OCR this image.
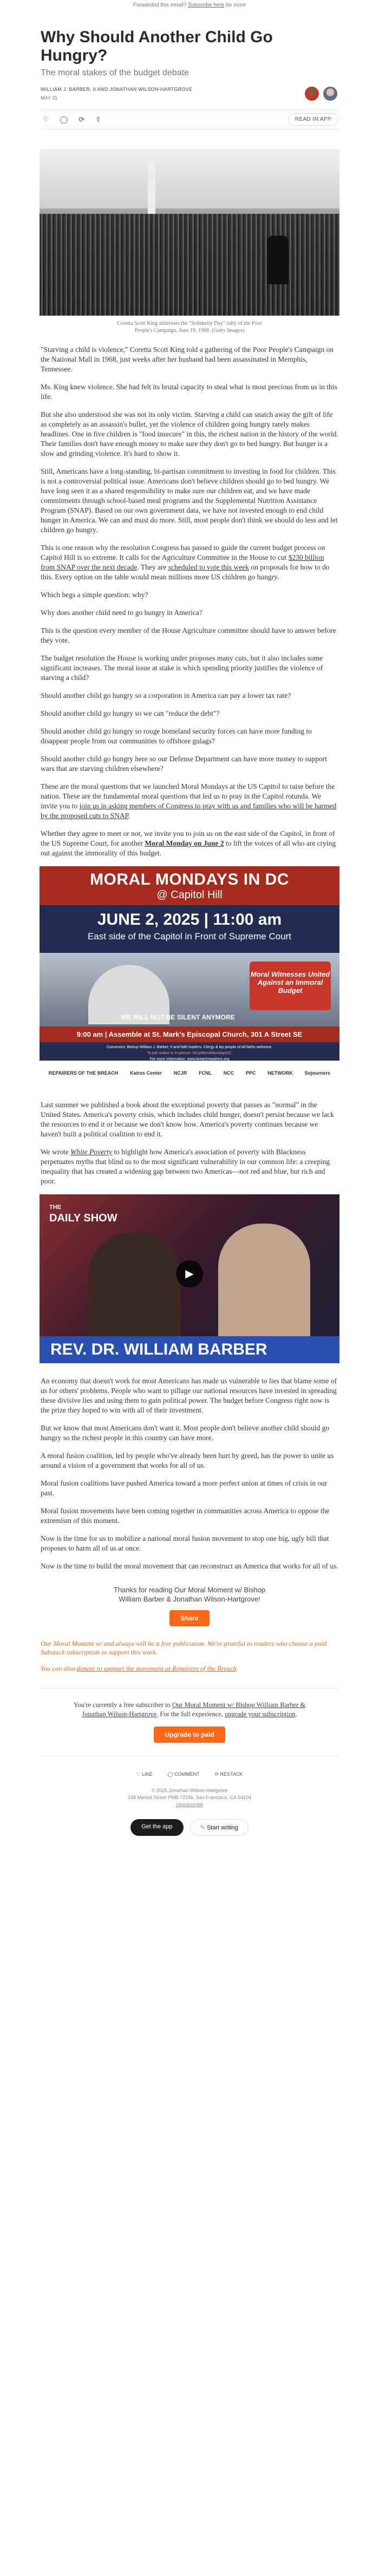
Forwarded this email? Subscribe here for more
Why Should Another Child Go Hungry?
The moral stakes of the budget debate
WILLIAM J. BARBER, II AND JONATHAN WILSON-HARTGROVE
MAY 31
♡ ◯ ⟳ ⇧	READ IN APP
Coretta Scott King addresses the "Solidarity Day" rally of the Poor People's Campaign, June 19, 1968. (Getty Images)

"Starving a child is violence," Coretta Scott King told a gathering of the Poor People's Campaign on the National Mall in 1968, just weeks after her husband had been assassinated in Memphis, Tennessee.

Ms. King knew violence. She had felt its brutal capacity to steal what is most precious from us in this life.

But she also understood she was not its only victim. Starving a child can snatch away the gift of life as completely as an assassin's bullet, yet the violence of children going hungry rarely makes headlines. One in five children is "food insecure" in this, the richest nation in the history of the world. Their families don't have enough money to make sure they don't go to bed hungry. But hunger is a slow and grinding violence. It's hard to show it.

Still, Americans have a long-standing, bi-partisan commitment to investing in food for children. This is not a controversial political issue. Americans don't believe children should go to bed hungry. We have long seen it as a shared responsibility to make sure our children eat, and we have made commitments through school-based meal programs and the Supplemental Nutrition Assistance Program (SNAP). Based on our own government data, we have not invested enough to end child hunger in America. We can and must do more. Still, most people don't think we should do less and let children go hungry.

This is one reason why the resolution Congress has passed to guide the current budget process on Capitol Hill is so extreme. It calls for the Agriculture Committee in the House to cut $230 billion from SNAP over the next decade. They are scheduled to vote this week on proposals for how to do this. Every option on the table would mean millions more US children go hungry.

Which begs a simple question: why?

Why does another child need to go hungry in America?

This is the question every member of the House Agriculture committee should have to answer before they vote.

The budget resolution the House is working under proposes many cuts, but it also includes some significant increases. The moral issue at stake is which spending priority justifies the violence of starving a child?

Should another child go hungry so a corporation in America can pay a lower tax rate?

Should another child go hungry so we can "reduce the debt"?

Should another child go hungry so rouge homeland security forces can have more funding to disappear people from our communities to offshore gulags?

Should another child go hungry here so our Defense Department can have more money to support wars that are starving children elsewhere?

These are the moral questions that we launched Moral Mondays at the US Capitol to raise before the nation. These are the fundamental moral questions that led us to pray in the Capitol rotunda. We invite you to join us in asking members of Congress to pray with us and families who will be harmed by the proposed cuts to SNAP.

Whether they agree to meet or not, we invite you to join us on the east side of the Capitol, in front of the US Supreme Court, for another Moral Monday on June 2 to lift the voices of all who are crying out against the immorality of this budget.

MORAL MONDAYS IN DC
@ Capitol Hill
JUNE 2, 2025 | 11:00 am
East side of the Capitol in Front of Supreme Court
Moral Witnesses United Against an Immoral Budget
WE WILL NOT BE SILENT ANYMORE
9:00 am | Assemble at St. Mark's Episcopal Church, 301 A Street SE
Convenors: Bishop William J. Barber, II and faith leaders. Clergy & lay people of all faiths welcome.
To join online or in-person: bit.ly/MoralMondaysDC
For more information: www.breachrepairers.org
REPAIRERS OF THE BREACH Kairos Center NCJR FCNL NCC PPC NETWORK Sojourners

Last summer we published a book about the exceptional poverty that passes as "normal" in the United States. America's poverty crisis, which includes child hunger, doesn't persist because we lack the resources to end it or because we don't know how. America's poverty continues because we haven't built a political coalition to end it.

We wrote White Poverty to highlight how America's association of poverty with Blackness perpetuates myths that blind us to the most significant vulnerability in our common life: a creeping inequality that has created a widening gap between two Americas—not red and blue, but rich and poor.

THE
DAILY SHOW
▶
REV. DR. WILLIAM BARBER

An economy that doesn't work for most Americans has made us vulnerable to lies that blame some of us for others' problems. People who want to pillage our national resources have invested in spreading these divisive lies and using them to gain political power. The budget before Congress right now is the prize they hoped to win with all of their investment.

But we know that most Americans don't want it. Most people don't believe another child should go hungry so the richest people in this country can have more.

A moral fusion coalition, led by people who've already been hurt by greed, has the power to unite us around a vision of a government that works for all of us.

Moral fusion coalitions have pushed America toward a more perfect union at times of crisis in our past.

Moral fusion movements have been coming together in communities across America to oppose the extremism of this moment.

Now is the time for us to mobilize a national moral fusion movement to stop one big, ugly bill that proposes to harm all of us at once.

Now is the time to build the moral movement that can reconstruct an America that works for all of us.

Thanks for reading Our Moral Moment w/ Bishop
William Barber & Jonathan Wilson-Hartgrove!
Share

Our Moral Moment w/ and always will be a free publication. We're grateful to readers who choose a paid Substack subscription to support this work.

You can also donate to support the movement at Repairers of the Breach.

You're currently a free subscriber to Our Moral Moment w/ Bishop William Barber & Jonathan Wilson-Hartgrove. For the full experience, upgrade your subscription.
Upgrade to paid
♡ LIKE	◯ COMMENT	⟳ RESTACK
© 2025 Jonathan Wilson-Hartgrove
548 Market Street PMB 72296, San Francisco, CA 94104
Unsubscribe
Get the app	✎ Start writing
